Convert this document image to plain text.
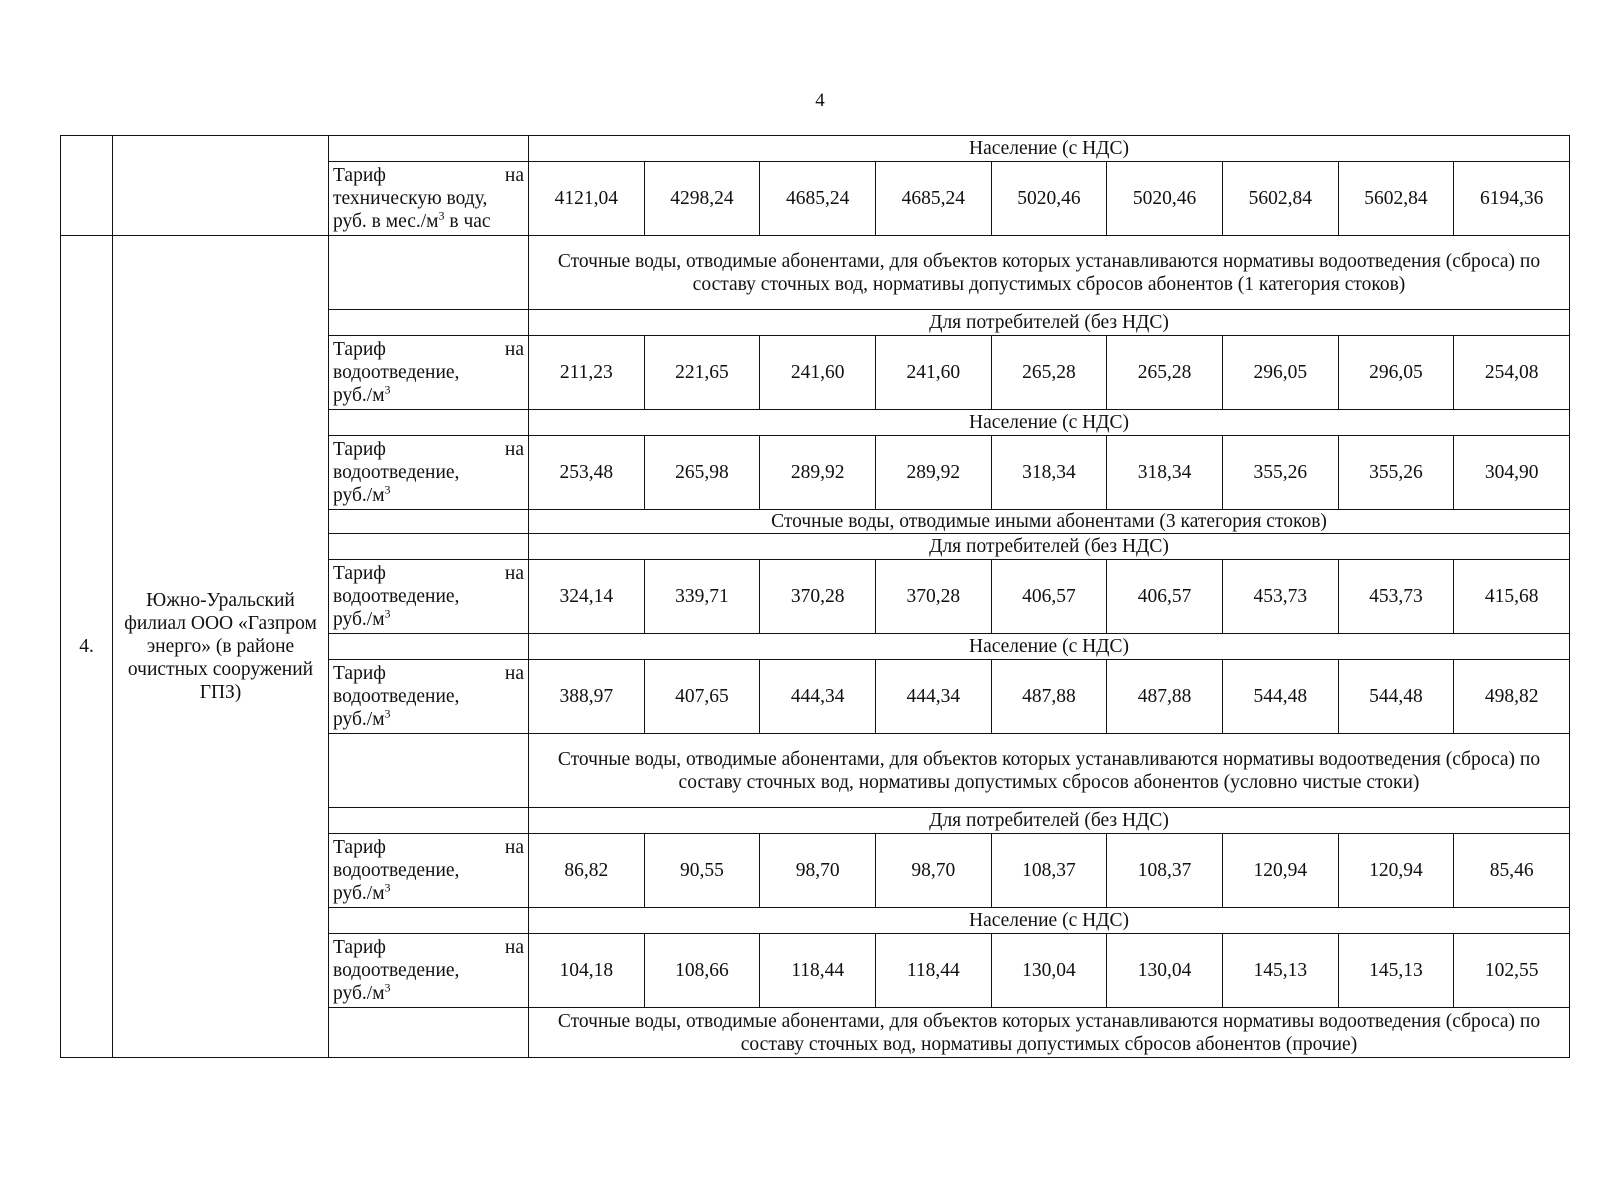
4

		Население (с НДС)								

		Тариф на
техническую воду,
руб. в $мес./м^3$ в час	4121,04	4298,24	4685,24	4685,24	5020,46	5020,46	5602,84	5602,84	6194,36
4.	Южно-Уральский филиал ООО «Газпром энерго» (в районе очистных сооружений ГПЗ)		Сточные воды, отводимые абонентами, для объектов которых устанавливаются нормативы водоотведения (сброса) по составу сточных вод, нормативы допустимых сбросов абонентов (1 категория стоков)								
			Для потребителей (без НДС)								

		Тариф на
водоотведение,
$руб./м^3$	211,23	221,65	241,60	241,60	265,28	265,28	296,05	296,05	254,08
			Население (с НДС)								

		Тариф на
водоотведение,
$руб./м^3$	253,48	265,98	289,92	289,92	318,34	318,34	355,26	355,26	304,90
			Сточные воды, отводимые иными абонентами (3 категория стоков)								
			Для потребителей (без НДС)								

		Тариф на
водоотведение,
$руб./м^3$	324,14	339,71	370,28	370,28	406,57	406,57	453,73	453,73	415,68
			Население (с НДС)								

		Тариф на
водоотведение,
$руб./м^3$	388,97	407,65	444,34	444,34	487,88	487,88	544,48	544,48	498,82
			Сточные воды, отводимые абонентами, для объектов которых устанавливаются нормативы водоотведения (сброса) по составу сточных вод, нормативы допустимых сбросов абонентов (условно чистые стоки)								
			Для потребителей (без НДС)								

		Тариф на
водоотведение,
$руб./м^3$	86,82	90,55	98,70	98,70	108,37	108,37	120,94	120,94	85,46
			Население (с НДС)								

		Тариф на
водоотведение,
$руб./м^3$	104,18	108,66	118,44	118,44	130,04	130,04	145,13	145,13	102,55
			Сточные воды, отводимые абонентами, для объектов которых устанавливаются нормативы водоотведения (сброса) по составу сточных вод, нормативы допустимых сбросов абонентов (прочие)								
